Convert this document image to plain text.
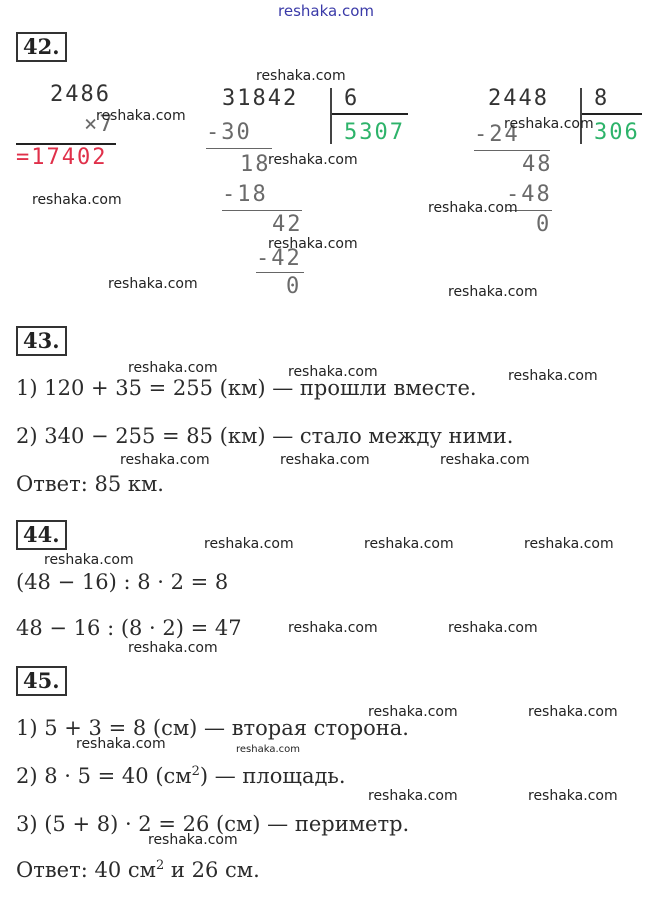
reshaka.com
42.
2486
×7
=17402
31842 6
5307
-30
18
-18
42
-42
0
2448 8
306
-24
48
-48
0
43.
1) 120 + 35 = 255 (км) — прошли вместе.
2) 340 − 255 = 85 (км) — стало между ними.
Ответ: 85 км.
44.
(48 − 16) : 8 · 2 = 8
48 − 16 : (8 · 2) = 47
45.
1) 5 + 3 = 8 (см) — вторая сторона.
2) 8 · 5 = 40 $(см^2)$ — площадь.
3) (5 + 8) · 2 = 26 (см) — периметр.
Ответ: 40 $см^2$ и 26 см.
reshaka.com
reshaka.com	reshaka.com
reshaka.com
reshaka.com	reshaka.com
reshaka.com
reshaka.com	reshaka.com
reshaka.com	reshaka.com	reshaka.com
reshaka.com	reshaka.com	reshaka.com
reshaka.com	reshaka.com	reshaka.com
reshaka.com
reshaka.com	reshaka.com
reshaka.com
reshaka.com	reshaka.com
reshaka.com	reshaka.com
reshaka.com	reshaka.com
reshaka.com
